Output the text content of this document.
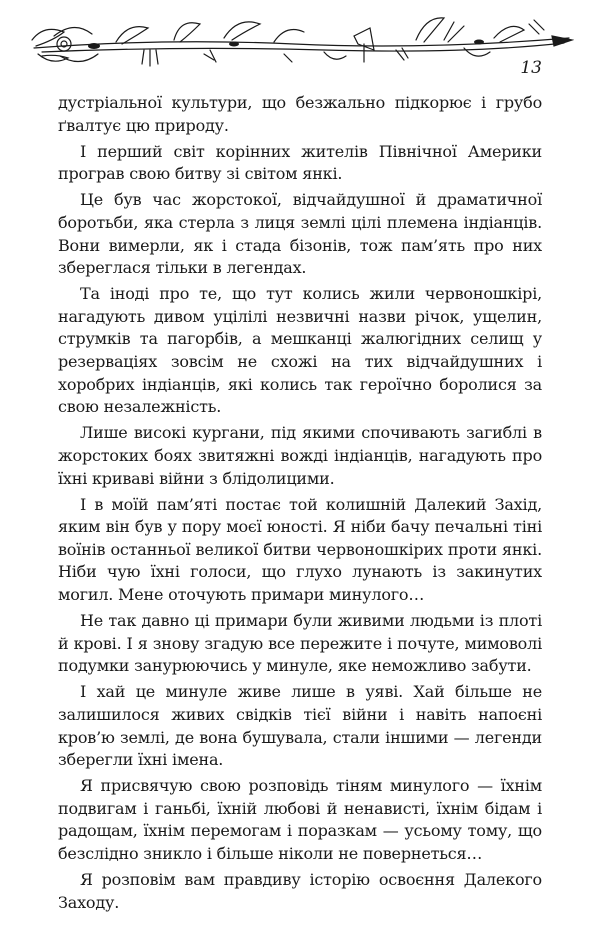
13

дустріальної культури, що безжально підкорює і грубо ґвалтує цю природу.

І перший світ корінних жителів Північної Америки програв свою битву зі світом янкі.

Це був час жорстокої, відчайдушної й драматичної боротьби, яка стерла з лиця землі цілі племена індіанців. Вони вимерли, як і стада бізонів, тож пам’ять про них збереглася тільки в легендах.

Та іноді про те, що тут колись жили червоношкірі, нагадують дивом уцілілі незвичні назви річок, ущелин, струмків та пагорбів, а мешканці жалюгідних селищ у резерваціях зовсім не схожі на тих відчайдушних і хоробрих індіанців, які колись так героїчно боролися за свою незалежність.

Лише високі кургани, під якими спочивають загиблі в жорстоких боях звитяжні вожді індіанців, нагадують про їхні криваві війни з блідолицими.

І в моїй пам’яті постає той колишній Далекий Захід, яким він був у пору моєї юності. Я ніби бачу печальні тіні воїнів останньої великої битви червоношкірих проти янкі. Ніби чую їхні голоси, що глухо лунають із закинутих могил. Мене оточують примари минулого…

Не так давно ці примари були живими людьми із плоті й крові. І я знову згадую все пережите і почуте, мимоволі подумки занурюючись у минуле, яке неможливо забути.

І хай це минуле живе лише в уяві. Хай більше не залишилося живих свідків тієї війни і навіть напоєні кров’ю землі, де вона бушувала, стали іншими — легенди зберегли їхні імена.

Я присвячую свою розповідь тіням минулого — їхнім подвигам і ганьбі, їхній любові й ненависті, їхнім бідам і радощам, їхнім перемогам і поразкам — усьому тому, що безслідно зникло і більше ніколи не повернеться…

Я розповім вам правдиву історію освоєння Далекого Заходу.
